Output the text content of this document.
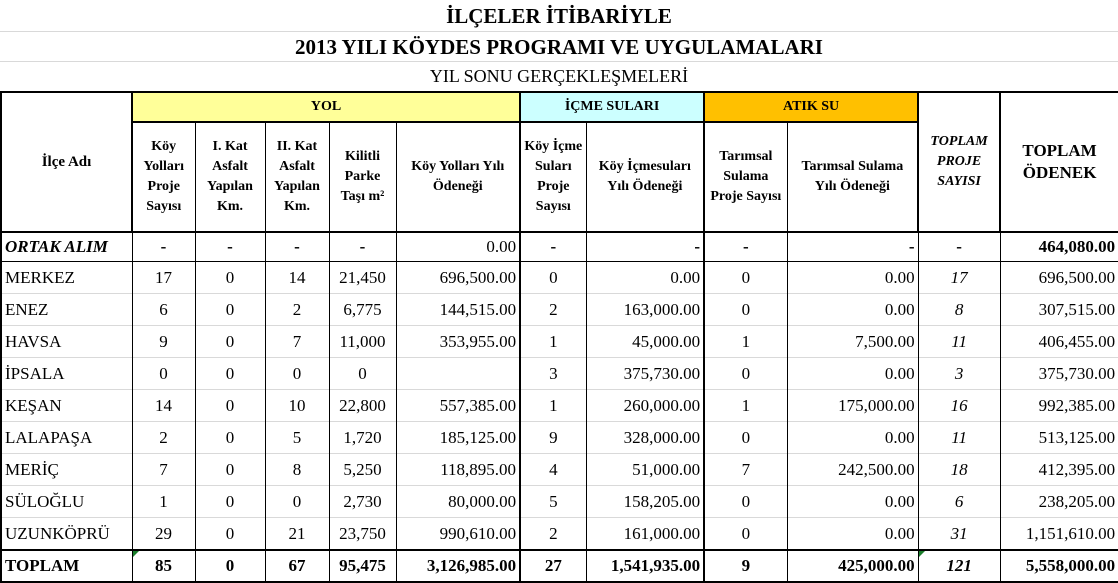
İLÇELER İTİBARİYLE
2013 YILI KÖYDES PROGRAMI VE UYGULAMALARI
YIL SONU GERÇEKLEŞMELERİ
İlçe Adı	YOL					İÇME SULARI		ATIK SU		TOPLAM PROJE SAYISI	TOPLAM ÖDENEK
	Köy Yolları Proje Sayısı	I. Kat Asfalt Yapılan Km.	II. Kat Asfalt Yapılan Km.	Kilitli Parke Taşı m²	Köy Yolları Yılı Ödeneği	Köy İçme Suları Proje Sayısı	Köy İçmesuları Yılı Ödeneği	Tarımsal Sulama Proje Sayısı	Tarımsal Sulama Yılı Ödeneği		
ORTAK ALIM	-	-	-	-	0.00	-	-	-	-	-	464,080.00
MERKEZ	17	0	14	21,450	696,500.00	0	0.00	0	0.00	17	696,500.00
ENEZ	6	0	2	6,775	144,515.00	2	163,000.00	0	0.00	8	307,515.00
HAVSA	9	0	7	11,000	353,955.00	1	45,000.00	1	7,500.00	11	406,455.00
İPSALA	0	0	0	0		3	375,730.00	0	0.00	3	375,730.00
KEŞAN	14	0	10	22,800	557,385.00	1	260,000.00	1	175,000.00	16	992,385.00
LALAPAŞA	2	0	5	1,720	185,125.00	9	328,000.00	0	0.00	11	513,125.00
MERİÇ	7	0	8	5,250	118,895.00	4	51,000.00	7	242,500.00	18	412,395.00
SÜLOĞLU	1	0	0	2,730	80,000.00	5	158,205.00	0	0.00	6	238,205.00
UZUNKÖPRÜ	29	0	21	23,750	990,610.00	2	161,000.00	0	0.00	31	1,151,610.00
TOPLAM	85	0	67	95,475	3,126,985.00	27	1,541,935.00	9	425,000.00	121	5,558,000.00
